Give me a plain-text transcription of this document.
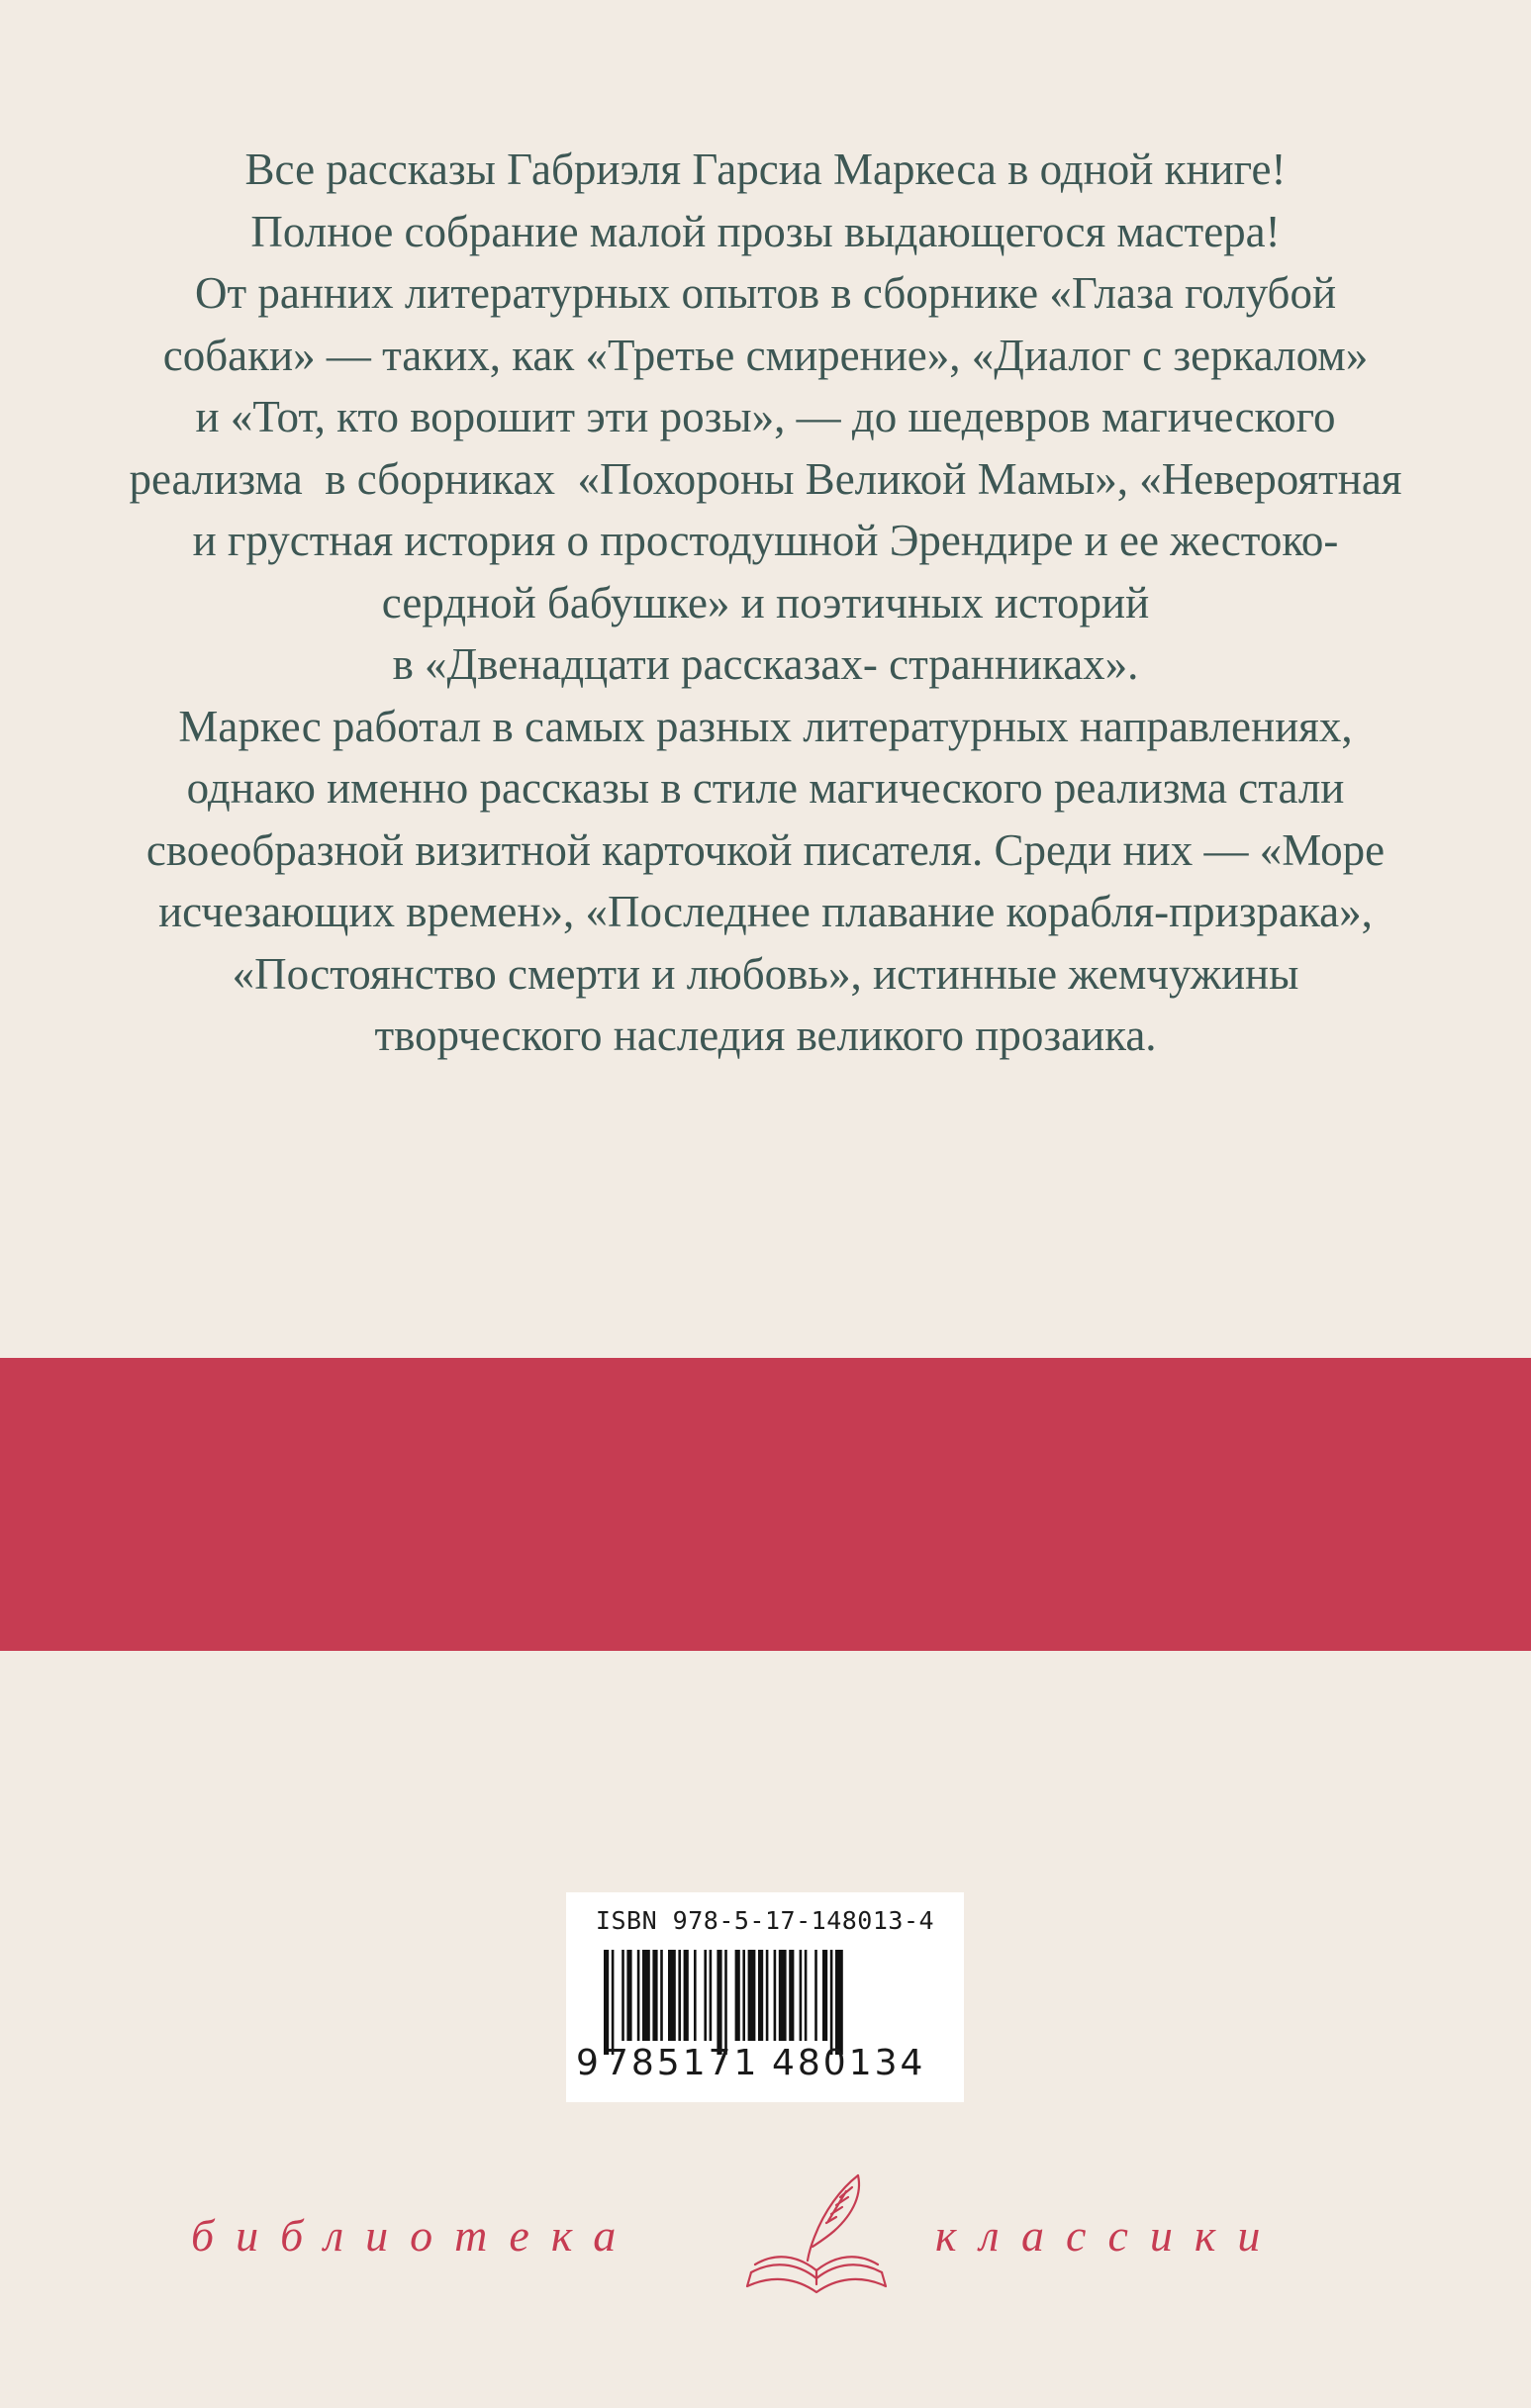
Все рассказы Габриэля Гарсиа Маркеса в одной книге!
Полное собрание малой прозы выдающегося мастера!
От ранних литературных опытов в сборнике «Глаза голубой
собаки» — таких, как «Третье смирение», «Диалог с зеркалом»
и «Тот, кто ворошит эти розы», — до шедевров магического
реализма  в сборниках  «Похороны Великой Мамы», «Невероятная
и грустная история о простодушной Эрендире и ее жестоко-
сердной бабушке» и поэтичных историй
в «Двенадцати рассказах- странниках».
Маркес работал в самых разных литературных направлениях,
однако именно рассказы в стиле магического реализма стали
своеобразной визитной карточкой писателя. Среди них — «Море
исчезающих времен», «Последнее плавание корабля-призрака»,
«Постоянство смерти и любовь», истинные жемчужины
творческого наследия великого прозаика.
ISBN 978-5-17-148013-4
9 785171 480134
библиотека	классики
